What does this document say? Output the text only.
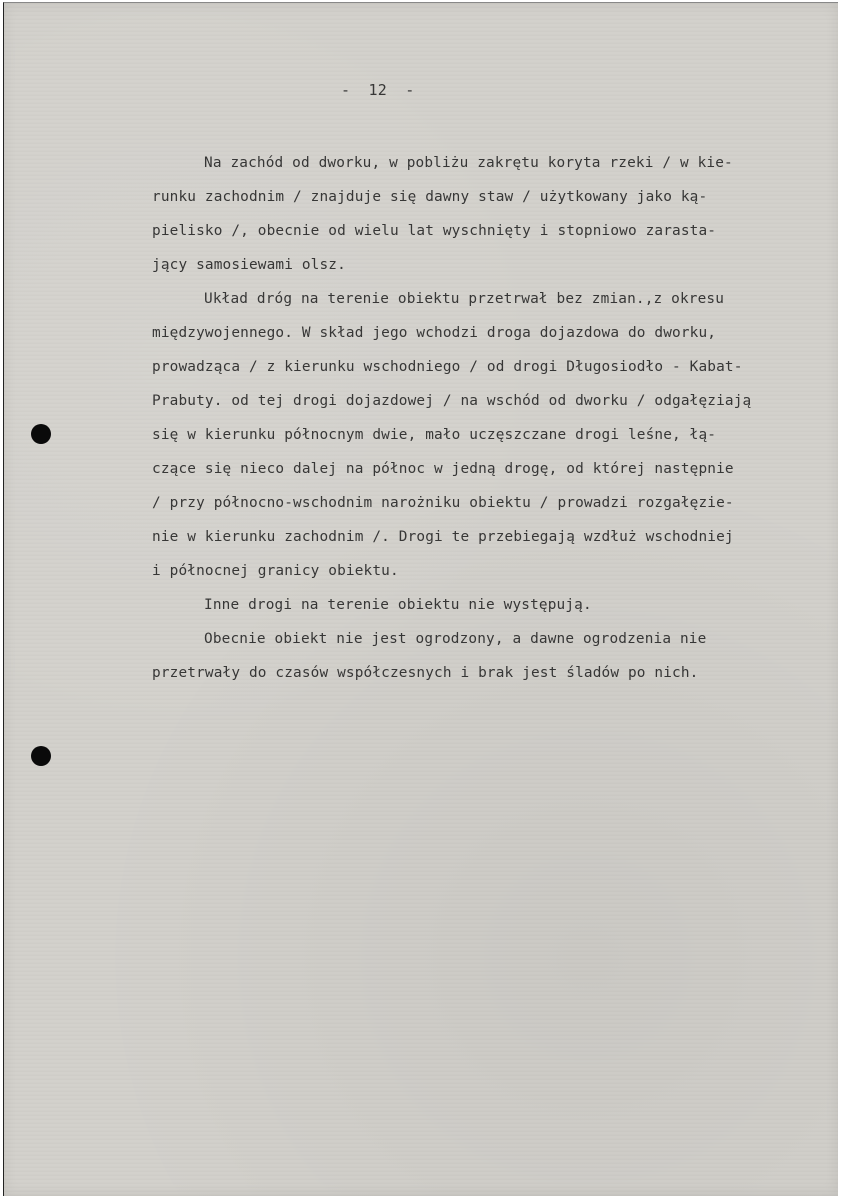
-  12  -
Na zachód od dworku, w pobliżu zakrętu koryta rzeki / w kie-
runku zachodnim / znajduje się dawny staw / użytkowany jako ką-
pielisko /, obecnie od wielu lat wyschnięty i stopniowo zarasta-
jący samosiewami olsz.
Układ dróg na terenie obiektu przetrwał bez zmian.,z okresu
międzywojennego. W skład jego wchodzi droga dojazdowa do dworku,
prowadząca / z kierunku wschodniego / od drogi Długosiodło - Kabat-
Prabuty. od tej drogi dojazdowej / na wschód od dworku / odgałęziają
się w kierunku północnym dwie, mało uczęszczane drogi leśne, łą-
czące się nieco dalej na północ w jedną drogę, od której następnie
/ przy północno-wschodnim narożniku obiektu / prowadzi rozgałęzie-
nie w kierunku zachodnim /. Drogi te przebiegają wzdłuż wschodniej
i północnej granicy obiektu.
Inne drogi na terenie obiektu nie występują.
Obecnie obiekt nie jest ogrodzony, a dawne ogrodzenia nie
przetrwały do czasów współczesnych i brak jest śladów po nich.
